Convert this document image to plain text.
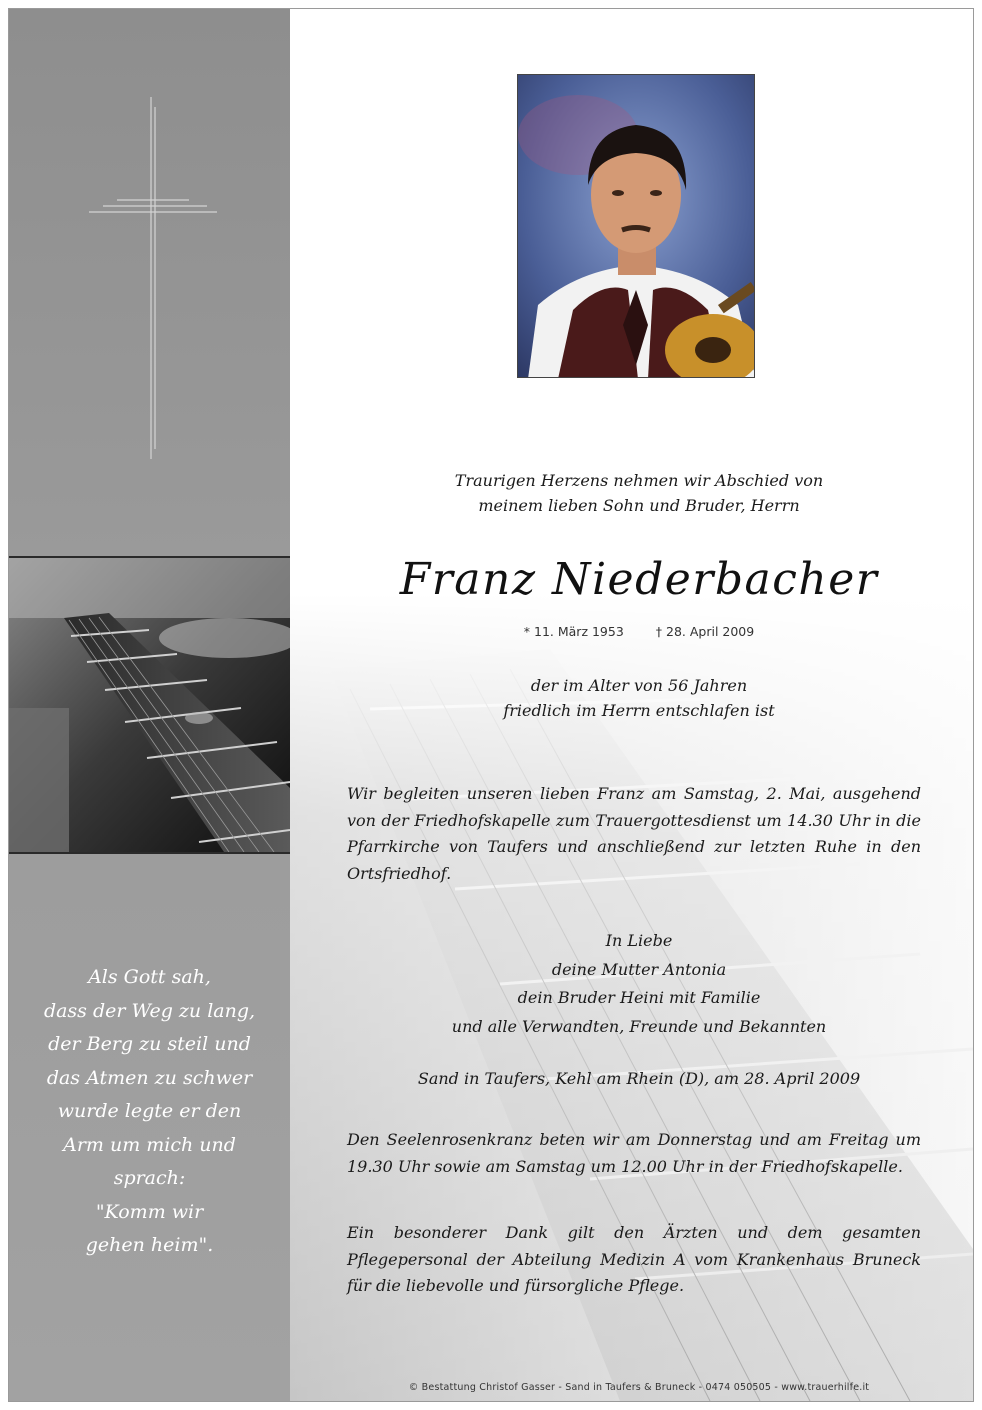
Als Gott sah,
dass der Weg zu lang,
der Berg zu steil und
das Atmen zu schwer
wurde legte er den
Arm um mich und
sprach:
"Komm wir
gehen heim".
Traurigen Herzens nehmen wir Abschied von
meinem lieben Sohn und Bruder, Herrn
Franz Niederbacher
* 11. März 1953	† 28. April 2009
der im Alter von 56 Jahren
friedlich im Herrn entschlafen ist
Wir begleiten unseren lieben Franz am Samstag, 2. Mai, ausgehend von der Friedhofskapelle zum Trauergottesdienst um 14.30 Uhr in die Pfarrkirche von Taufers und anschließend zur letzten Ruhe in den Ortsfriedhof.
In Liebe
deine Mutter Antonia
dein Bruder Heini mit Familie
und alle Verwandten, Freunde und Bekannten
Sand in Taufers, Kehl am Rhein (D), am 28. April 2009
Den Seelenrosenkranz beten wir am Donnerstag und am Freitag um 19.30 Uhr sowie am Samstag um 12.00 Uhr in der Friedhofskapelle.
Ein besonderer Dank gilt den Ärzten und dem gesamten Pflegepersonal der Abteilung Medizin A vom Krankenhaus Bruneck für die liebevolle und fürsorgliche Pflege.
© Bestattung Christof Gasser - Sand in Taufers & Bruneck - 0474 050505 - www.trauerhilfe.it
